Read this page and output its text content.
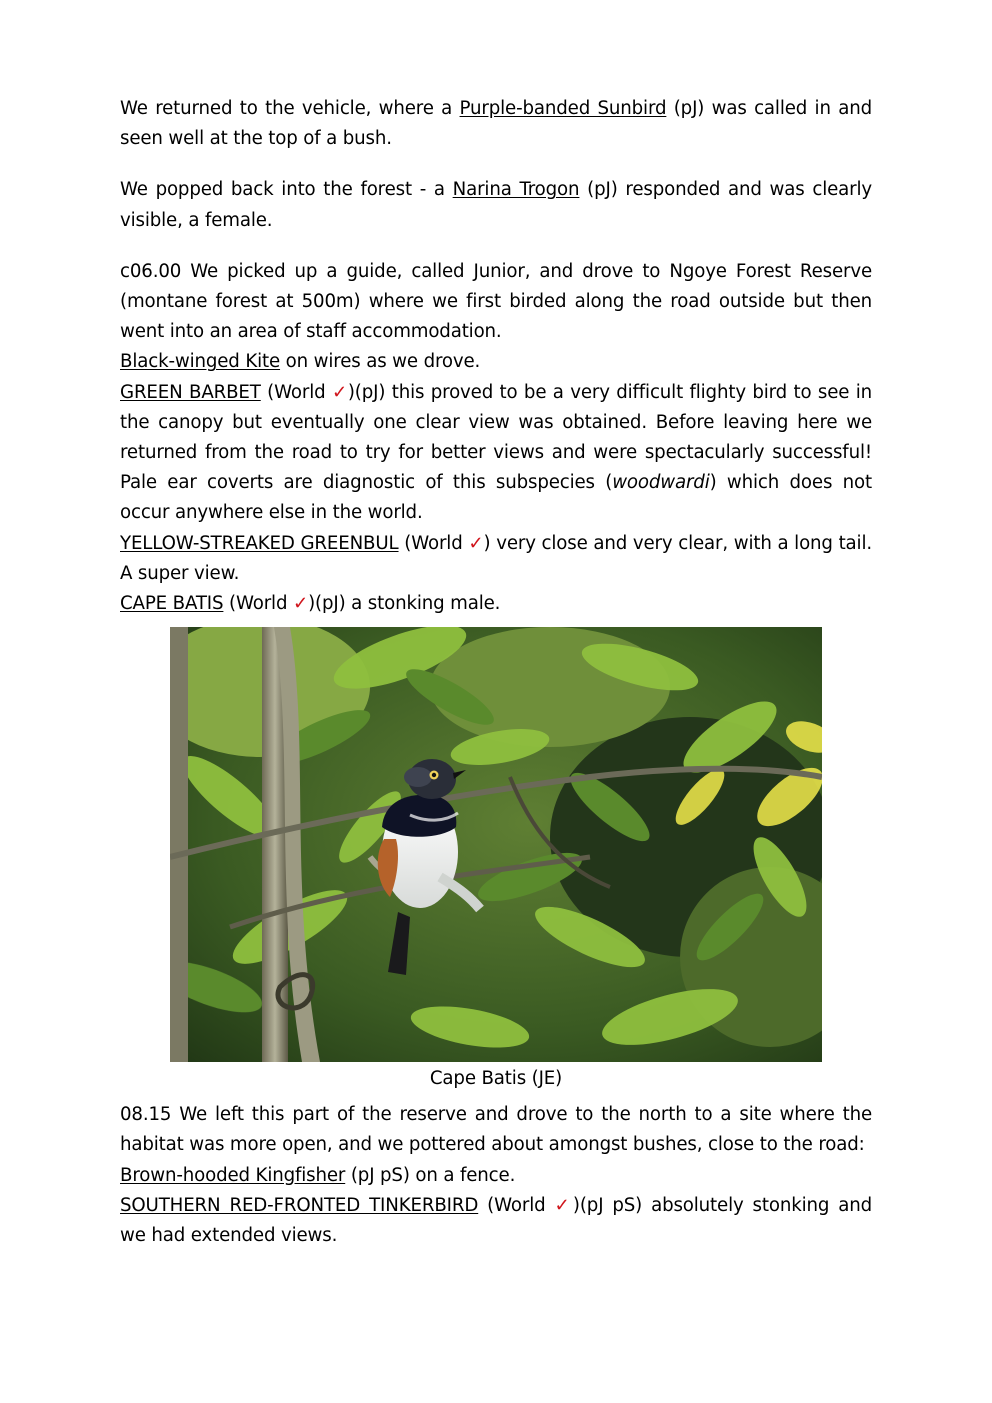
We returned to the vehicle, where a Purple-banded Sunbird (pJ) was called in and seen well at the top of a bush.

We popped back into the forest - a Narina Trogon (pJ) responded and was clearly visible, a female.

c06.00 We picked up a guide, called Junior, and drove to Ngoye Forest Reserve (montane forest at 500m) where we first birded along the road outside but then went into an area of staff accommodation.

Black-winged Kite on wires as we drove.

GREEN BARBET (World ✓)(pJ) this proved to be a very difficult flighty bird to see in the canopy but eventually one clear view was obtained. Before leaving here we returned from the road to try for better views and were spectacularly successful! Pale ear coverts are diagnostic of this subspecies (woodwardi) which does not occur anywhere else in the world.

YELLOW-STREAKED GREENBUL (World ✓) very close and very clear, with a long tail. A super view.

CAPE BATIS (World ✓)(pJ) a stonking male.

Cape Batis (JE)

08.15 We left this part of the reserve and drove to the north to a site where the habitat was more open, and we pottered about amongst bushes, close to the road:

Brown-hooded Kingfisher (pJ pS) on a fence.

SOUTHERN RED-FRONTED TINKERBIRD (World ✓)(pJ pS) absolutely stonking and we had extended views.
